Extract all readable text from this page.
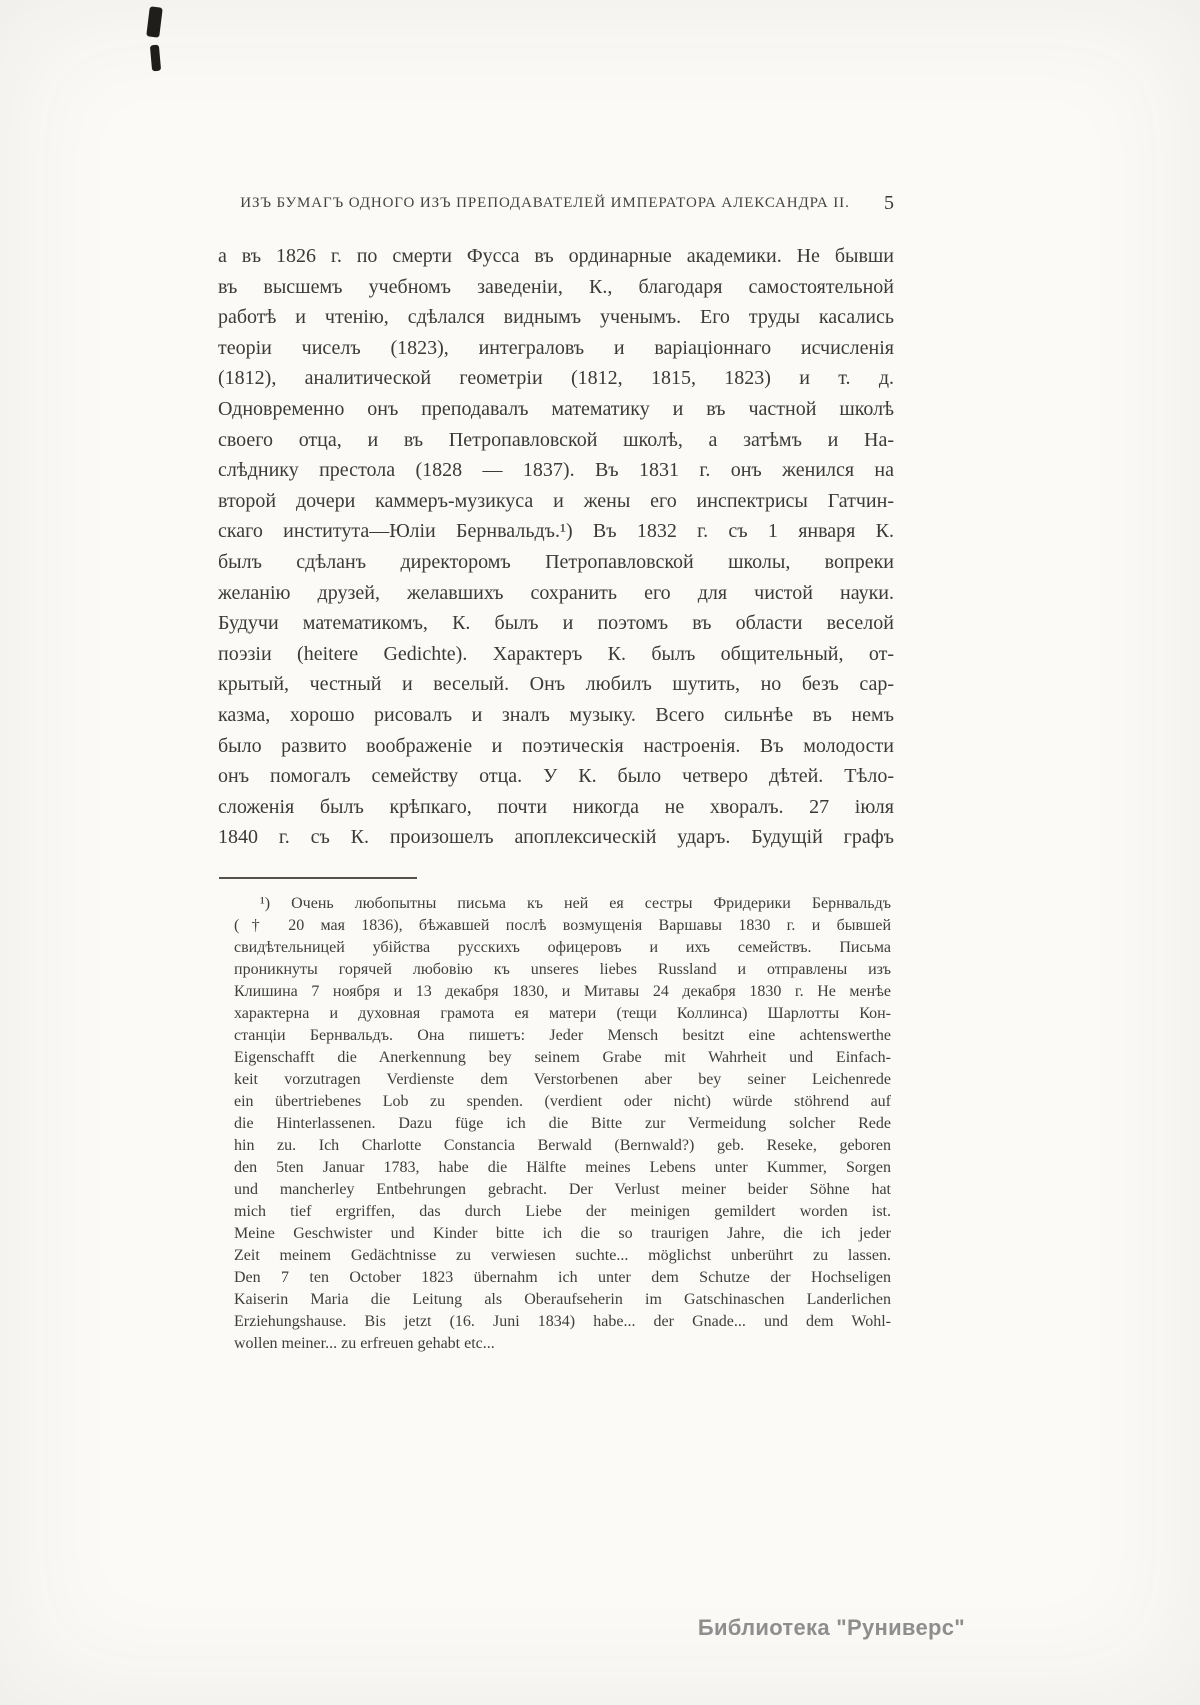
ИЗЪ БУМАГЪ ОДНОГО ИЗЪ ПРЕПОДАВАТЕЛЕЙ ИМПЕРАТОРА АЛЕКСАНДРА II.	5
а въ 1826 г. по смерти Фусса въ ординарные академики. Не бывши
въ высшемъ учебномъ заведеніи, К., благодаря самостоятельной
работѣ и чтенію, сдѣлался виднымъ ученымъ. Его труды касались
теоріи чиселъ (1823), интеграловъ и варіаціоннаго исчисленія
(1812), аналитической геометріи (1812, 1815, 1823) и т. д.
Одновременно онъ преподавалъ математику и въ частной школѣ
своего отца, и въ Петропавловской школѣ, а затѣмъ и На-
слѣднику престола (1828 — 1837). Въ 1831 г. онъ женился на
второй дочери каммеръ-музикуса и жены его инспектрисы Гатчин-
скаго института—Юліи Бернвальдъ.¹) Въ 1832 г. съ 1 января К.
былъ сдѣланъ директоромъ Петропавловской школы, вопреки
желанію друзей, желавшихъ сохранить его для чистой науки.
Будучи математикомъ, К. былъ и поэтомъ въ области веселой
поэзіи (heitere Gedichte). Характеръ К. былъ общительный, от-
крытый, честный и веселый. Онъ любилъ шутить, но безъ сар-
казма, хорошо рисовалъ и зналъ музыку. Всего сильнѣе въ немъ
было развито воображеніе и поэтическія настроенія. Въ молодости
онъ помогалъ семейству отца. У К. было четверо дѣтей. Тѣло-
сложенія былъ крѣпкаго, почти никогда не хворалъ. 27 іюля
1840 г. съ К. произошелъ апоплексическій ударъ. Будущій графъ
¹) Очень любопытны письма къ ней ея сестры Фридерики Бернвальдъ
(† 20 мая 1836), бѣжавшей послѣ возмущенія Варшавы 1830 г. и бывшей
свидѣтельницей убійства русскихъ офицеровъ и ихъ семействъ. Письма
проникнуты горячей любовію къ unseres liebes Russland и отправлены изъ
Клишина 7 ноября и 13 декабря 1830, и Митавы 24 декабря 1830 г. Не менѣе
характерна и духовная грамота ея матери (тещи Коллинса) Шарлотты Кон-
станціи Бернвальдъ. Она пишетъ: Jeder Mensch besitzt eine achtenswerthe
Eigenschafft die Anerkennung bey seinem Grabe mit Wahrheit und Einfach-
keit vorzutragen Verdienste dem Verstorbenen aber bey seiner Leichenrede
ein übertriebenes Lob zu spenden. (verdient oder nicht) würde stöhrend auf
die Hinterlassenen. Dazu füge ich die Bitte zur Vermeidung solcher Rede
hin zu. Ich Charlotte Constancia Berwald (Bernwald?) geb. Reseke, geboren
den 5ten Januar 1783, habe die Hälfte meines Lebens unter Kummer, Sorgen
und mancherley Entbehrungen gebracht. Der Verlust meiner beider Söhne hat
mich tief ergriffen, das durch Liebe der meinigen gemildert worden ist.
Meine Geschwister und Kinder bitte ich die so traurigen Jahre, die ich jeder
Zeit meinem Gedächtnisse zu verwiesen suchte... möglichst unberührt zu lassen.
Den 7 ten October 1823 übernahm ich unter dem Schutze der Hochseligen
Kaiserin Maria die Leitung als Oberaufseherin im Gatschinaschen Landerlichen
Erziehungshause. Bis jetzt (16. Juni 1834) habe... der Gnade... und dem Wohl-
wollen meiner... zu erfreuen gehabt etc...
Библиотека "Руниверс"
